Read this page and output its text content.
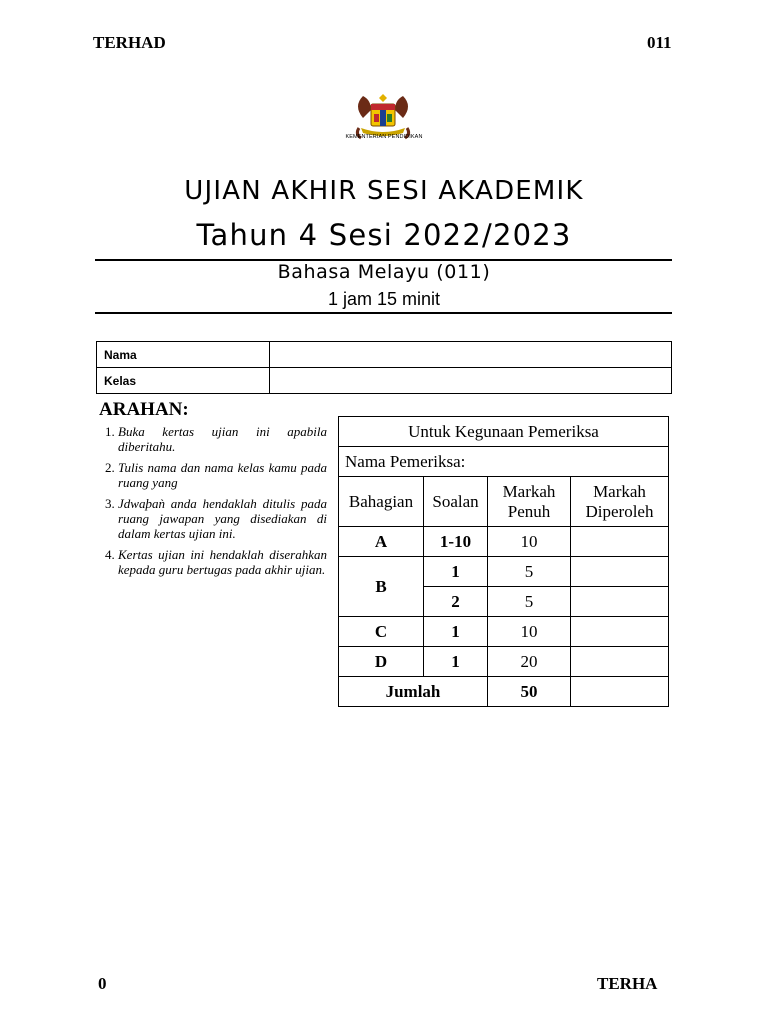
TERHAD	011
KEMENTERIAN PENDIDIKAN
UJIAN AKHIR SESI AKADEMIK
Tahun 4 Sesi 2022/2023
Bahasa Melayu (011)
1 jam 15 minit
Nama	
Kelas	
ARAHAN:
1. Buka kertas ujian ini apabila diberitahu.
2. Tulis nama dan nama kelas kamu pada ruang yang
3. Jdwaϸaǹ anda hendaklah ditulis pada ruang jawapan yang disediakan di dalam kertas ujian ini.
4. Kertas ujian ini hendaklah diserahkan kepada guru bertugas pada akhir ujian.
Untuk Kegunaan Pemeriksa			
Nama Pemeriksa:			
Bahagian	Soalan	Markah Penuh	Markah Diperoleh
A	1-10	10	
B	1	5	
	2	5	
C	1	10	
D	1	20	
Jumlah		50	
0	TERHA
